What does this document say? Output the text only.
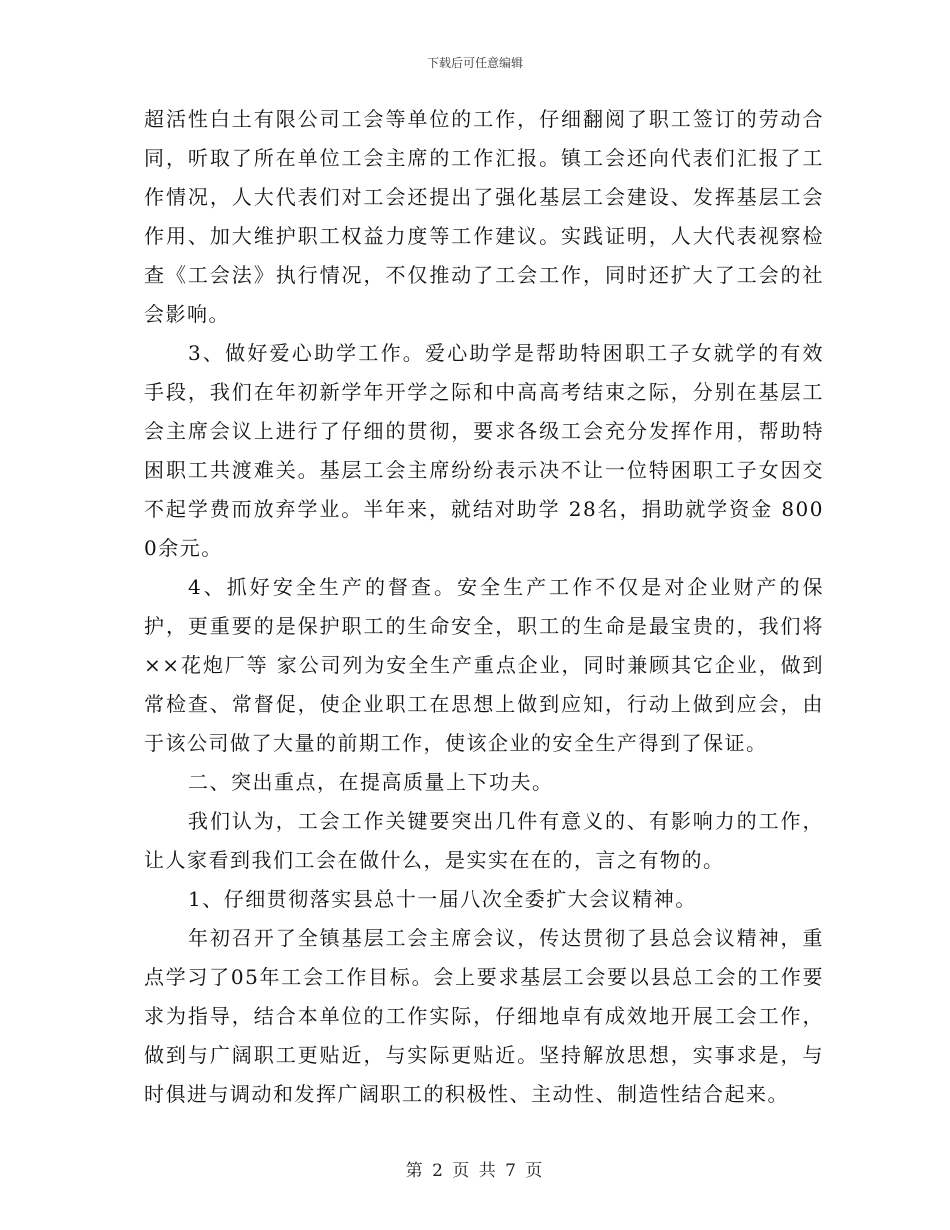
下载后可任意编辑

超活性白土有限公司工会等单位的工作，仔细翻阅了职工签订的劳动合同，听取了所在单位工会主席的工作汇报。镇工会还向代表们汇报了工作情况，人大代表们对工会还提出了强化基层工会建设、发挥基层工会作用、加大维护职工权益力度等工作建议。实践证明，人大代表视察检查《工会法》执行情况，不仅推动了工会工作，同时还扩大了工会的社会影响。

3、做好爱心助学工作。爱心助学是帮助特困职工子女就学的有效手段，我们在年初新学年开学之际和中高高考结束之际，分别在基层工会主席会议上进行了仔细的贯彻，要求各级工会充分发挥作用，帮助特困职工共渡难关。基层工会主席纷纷表示决不让一位特困职工子女因交不起学费而放弃学业。半年来，就结对助学 28名，捐助就学资金 8000余元。

4、抓好安全生产的督查。安全生产工作不仅是对企业财产的保护，更重要的是保护职工的生命安全，职工的生命是最宝贵的，我们将××花炮厂等 家公司列为安全生产重点企业，同时兼顾其它企业，做到常检查、常督促，使企业职工在思想上做到应知，行动上做到应会，由于该公司做了大量的前期工作，使该企业的安全生产得到了保证。

二、突出重点，在提高质量上下功夫。

我们认为，工会工作关键要突出几件有意义的、有影响力的工作，让人家看到我们工会在做什么，是实实在在的，言之有物的。

1、仔细贯彻落实县总十一届八次全委扩大会议精神。

年初召开了全镇基层工会主席会议，传达贯彻了县总会议精神，重点学习了05年工会工作目标。会上要求基层工会要以县总工会的工作要求为指导，结合本单位的工作实际，仔细地卓有成效地开展工会工作，做到与广阔职工更贴近，与实际更贴近。坚持解放思想，实事求是，与时俱进与调动和发挥广阔职工的积极性、主动性、制造性结合起来。

第 2 页 共 7 页
